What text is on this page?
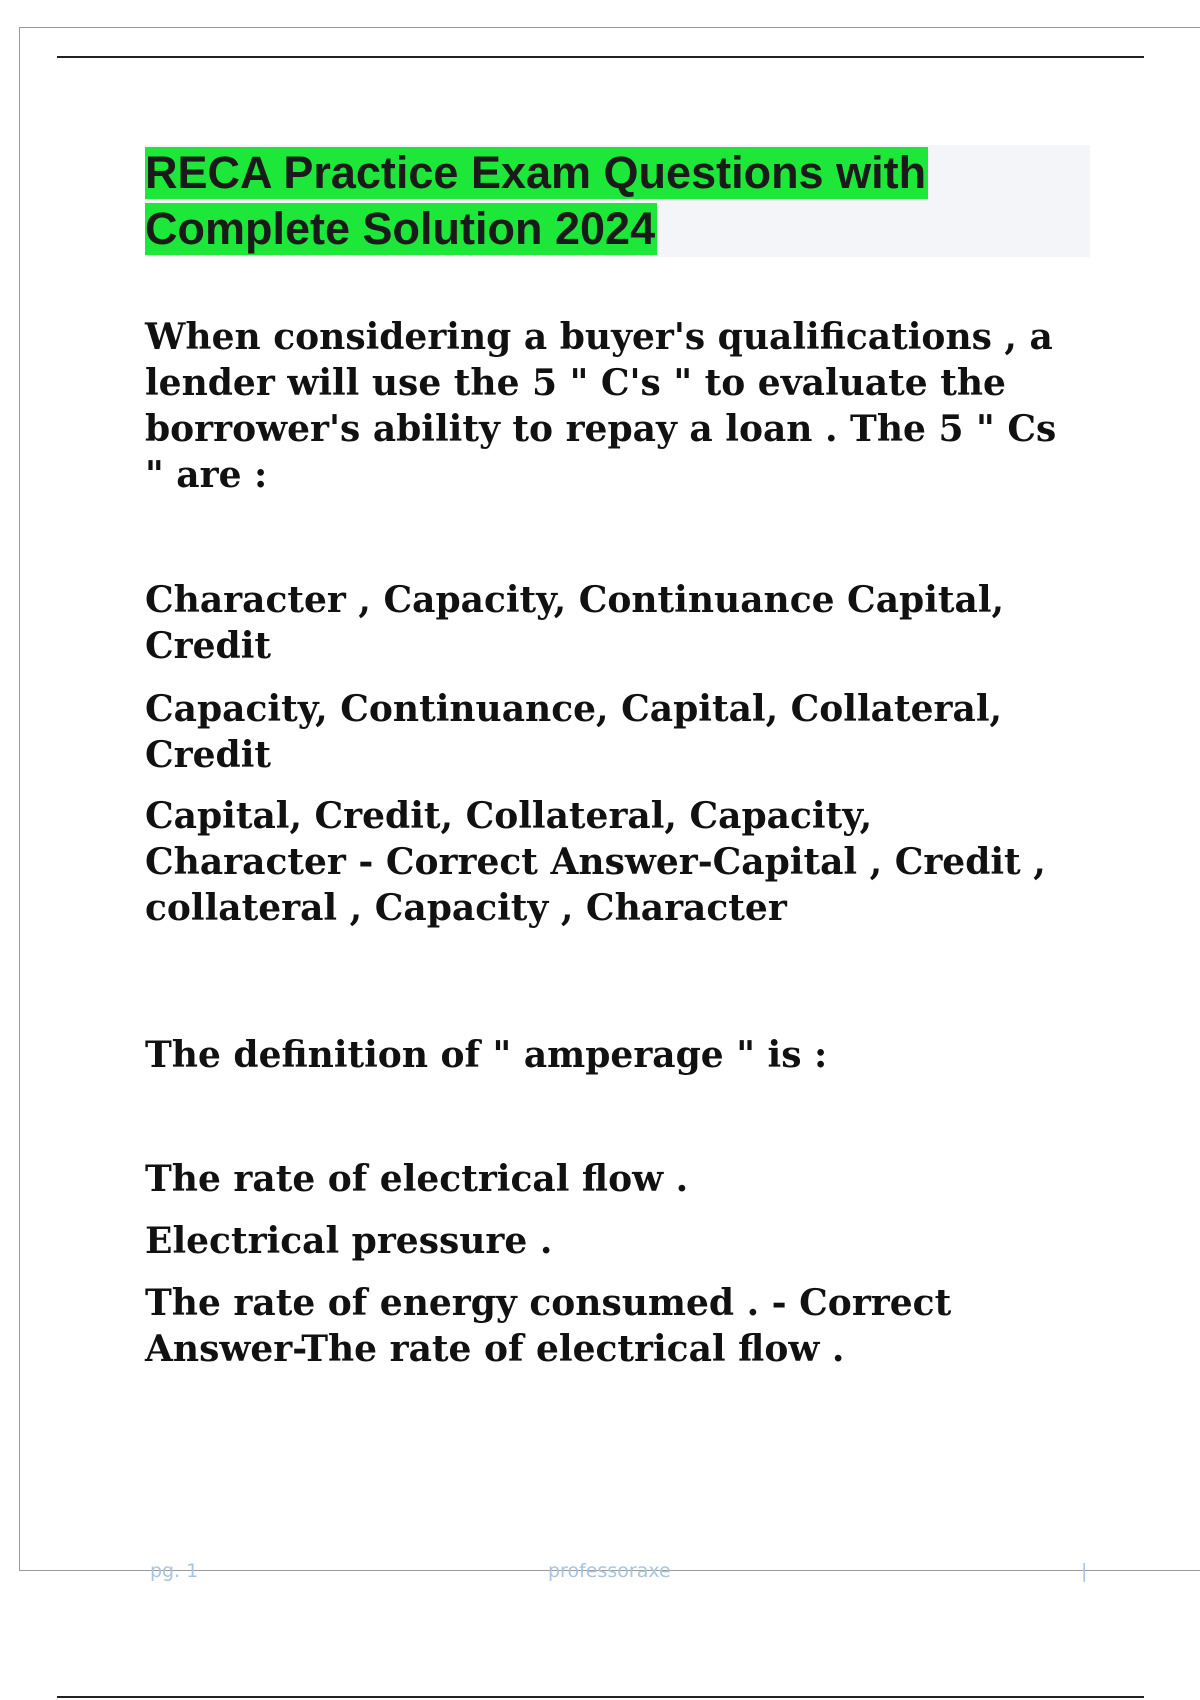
RECA Practice Exam Questions with
Complete Solution 2024

When considering a buyer's qualifications , a lender will use the 5 " C's " to evaluate the borrower's ability to repay a loan . The 5 " Cs " are :

Character , Capacity, Continuance Capital, Credit

Capacity, Continuance, Capital, Collateral, Credit

Capital, Credit, Collateral, Capacity, Character - Correct Answer-Capital , Credit , collateral , Capacity , Character

The definition of " amperage " is :

The rate of electrical flow .

Electrical pressure .

The rate of energy consumed . - Correct Answer-The rate of electrical flow .

pg. 1	professoraxe	|
